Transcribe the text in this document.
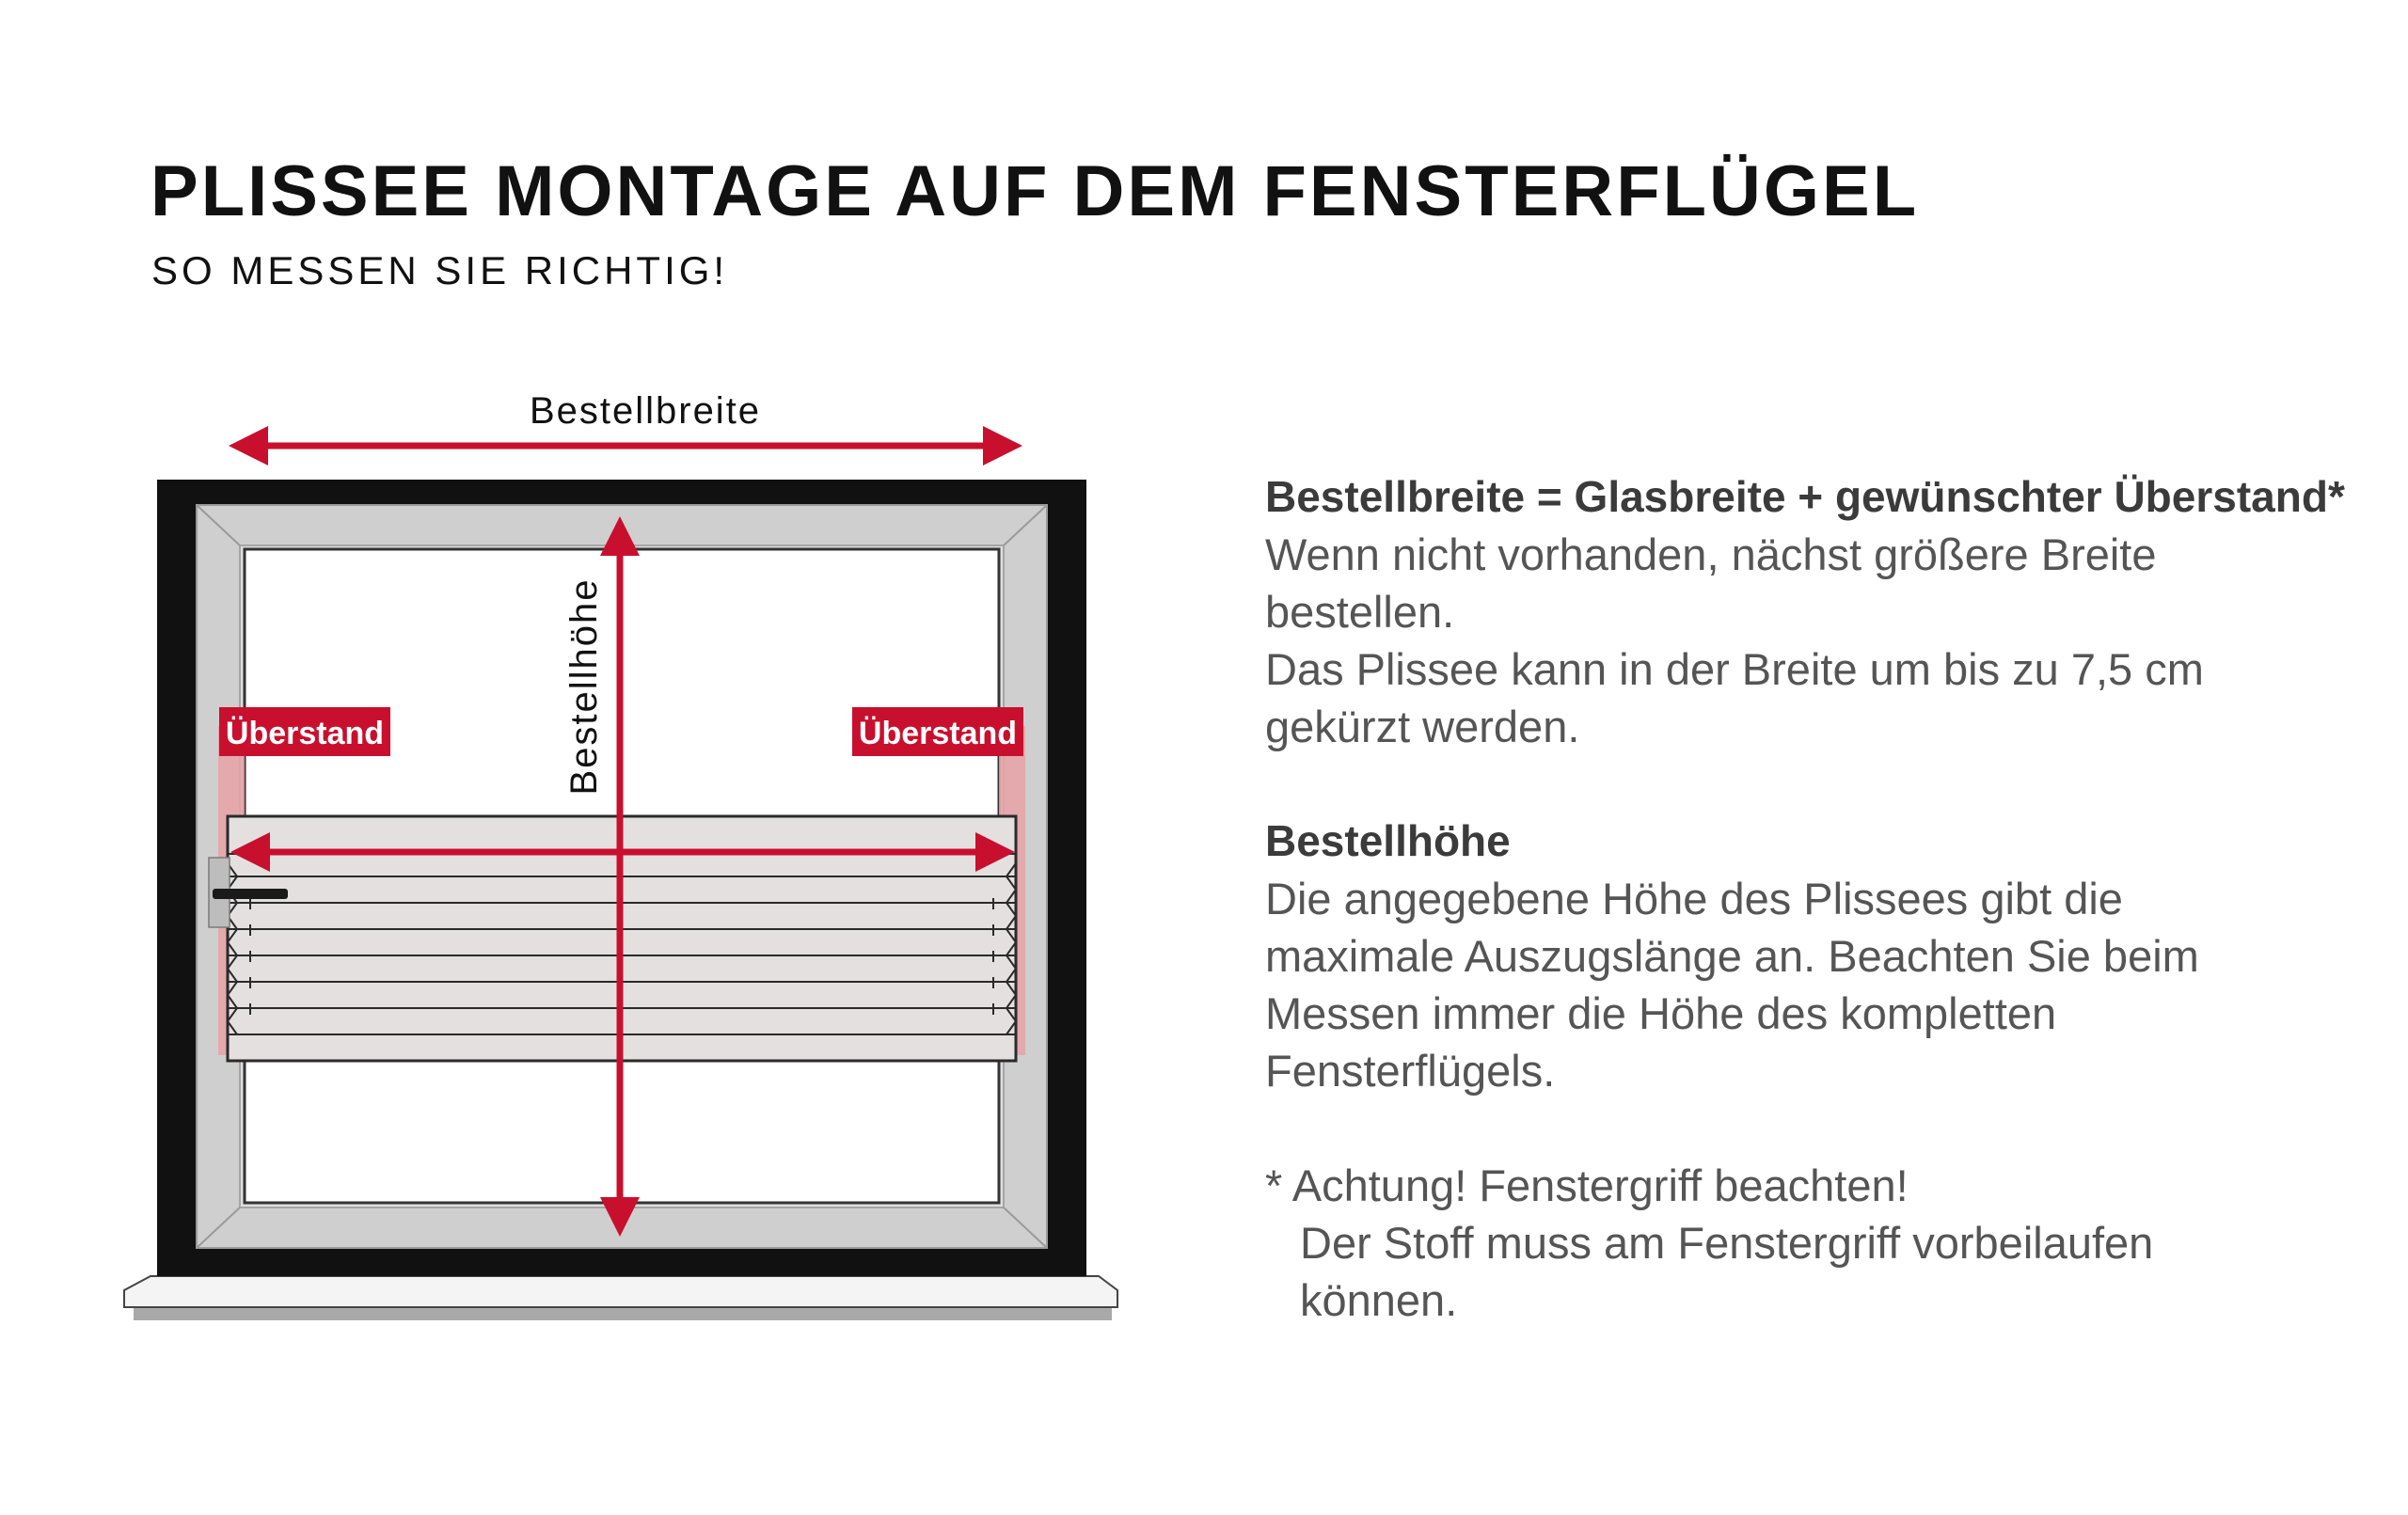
PLISSEE MONTAGE AUF DEM FENSTERFLÜGEL
SO MESSEN SIE RICHTIG!
Bestellbreite
Bestellhöhe
Überstand	Überstand

Bestellbreite = Glasbreite + gewünschter Überstand*

Wenn nicht vorhanden, nächst größere Breite

bestellen.

Das Plissee kann in der Breite um bis zu 7,5 cm

gekürzt werden.

Bestellhöhe

Die angegebene Höhe des Plissees gibt die

maximale Auszugslänge an. Beachten Sie beim

Messen immer die Höhe des kompletten

Fensterflügels.

* Achtung! Fenstergriff beachten!

Der Stoff muss am Fenstergriff vorbeilaufen

können.
